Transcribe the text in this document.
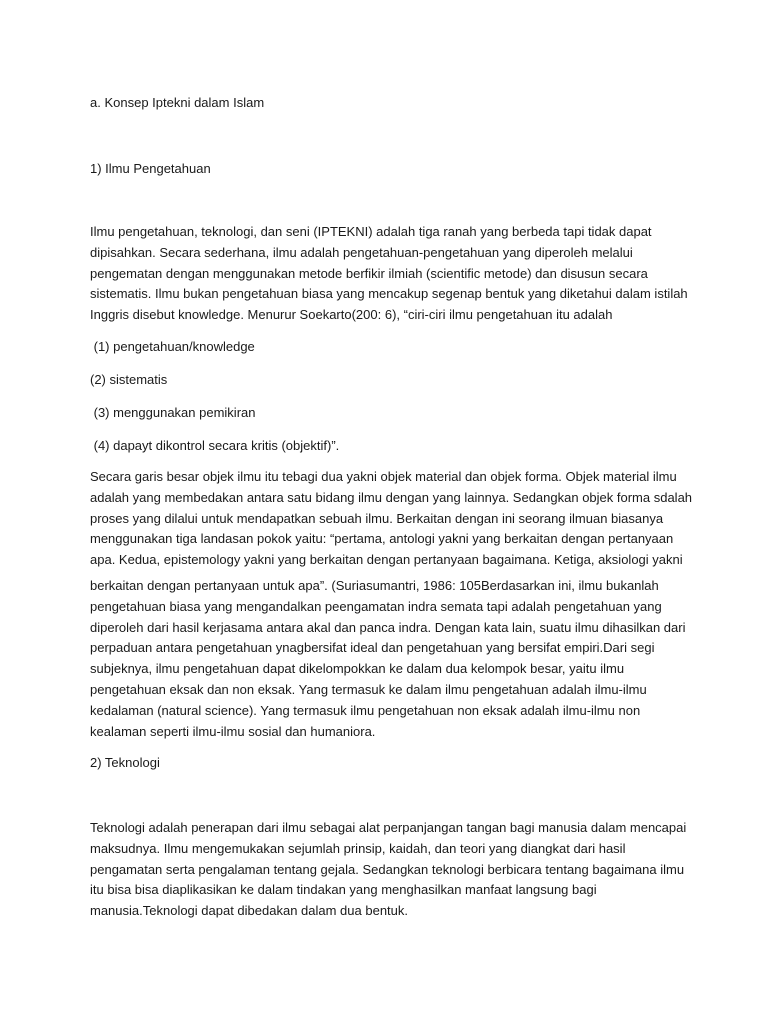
a. Konsep Iptekni dalam Islam
1) Ilmu Pengetahuan
Ilmu pengetahuan, teknologi, dan seni (IPTEKNI) adalah tiga ranah yang berbeda tapi tidak dapat dipisahkan. Secara sederhana, ilmu adalah pengetahuan-pengetahuan yang diperoleh melalui pengematan dengan menggunakan metode berfikir ilmiah (scientific metode) dan disusun secara sistematis. Ilmu bukan pengetahuan biasa yang mencakup segenap bentuk yang diketahui dalam istilah Inggris disebut knowledge. Menurur Soekarto(200: 6), “ciri-ciri ilmu pengetahuan itu adalah
(1) pengetahuan/knowledge
(2) sistematis
(3) menggunakan pemikiran
(4) dapayt dikontrol secara kritis (objektif)”.
Secara garis besar objek ilmu itu tebagi dua yakni objek material dan objek forma. Objek material ilmu adalah yang membedakan antara satu bidang ilmu dengan yang lainnya. Sedangkan objek forma sdalah proses yang dilalui untuk mendapatkan sebuah ilmu. Berkaitan dengan ini seorang ilmuan biasanya menggunakan tiga landasan pokok yaitu: “pertama, antologi yakni yang berkaitan dengan pertanyaan apa. Kedua, epistemology yakni yang berkaitan dengan pertanyaan bagaimana. Ketiga, aksiologi yakni
berkaitan dengan pertanyaan untuk apa”. (Suriasumantri, 1986: 105Berdasarkan ini, ilmu bukanlah pengetahuan biasa yang mengandalkan peengamatan indra semata tapi adalah pengetahuan yang diperoleh dari hasil kerjasama antara akal dan panca indra. Dengan kata lain, suatu ilmu dihasilkan dari perpaduan antara pengetahuan ynagbersifat ideal dan pengetahuan yang bersifat empiri.Dari segi subjeknya, ilmu pengetahuan dapat dikelompokkan ke dalam dua kelompok besar, yaitu ilmu pengetahuan eksak dan non eksak. Yang termasuk ke dalam ilmu pengetahuan adalah ilmu-ilmu kedalaman (natural science). Yang termasuk ilmu pengetahuan non eksak adalah ilmu-ilmu non kealaman seperti ilmu-ilmu sosial dan humaniora.
2) Teknologi
Teknologi adalah penerapan dari ilmu sebagai alat perpanjangan tangan bagi manusia dalam mencapai maksudnya. Ilmu mengemukakan sejumlah prinsip, kaidah, dan teori yang diangkat dari hasil pengamatan serta pengalaman tentang gejala. Sedangkan teknologi berbicara tentang bagaimana ilmu itu bisa bisa diaplikasikan ke dalam tindakan yang menghasilkan manfaat langsung bagi manusia.Teknologi dapat dibedakan dalam dua bentuk.
